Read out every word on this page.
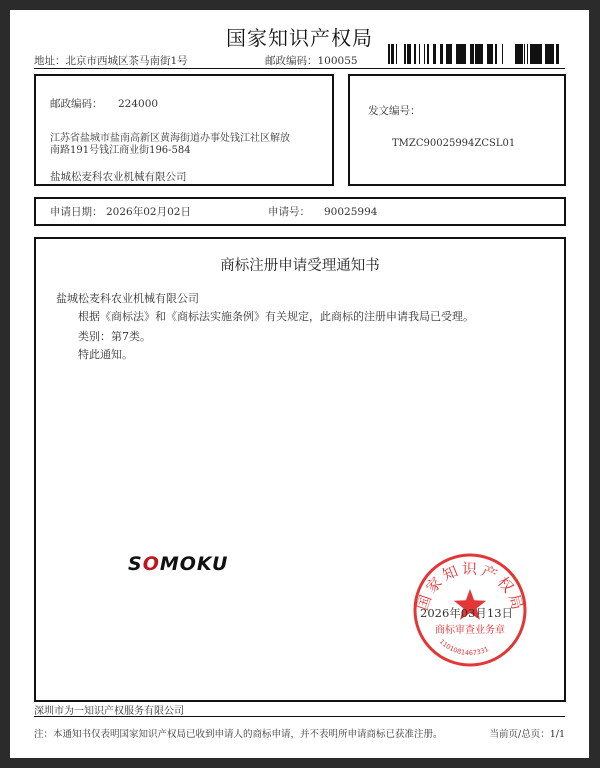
国家知识产权局
地址：北京市西城区茶马南街1号	邮政编码：100055
邮政编码： 224000
江苏省盐城市盐南高新区黄海街道办事处钱江社区解放
南路191号钱江商业街196-584
盐城松麦科农业机械有限公司
发文编号：
TMZC90025994ZCSL01
申请日期： 2026年02月02日	申请号： 90025994
商标注册申请受理通知书
盐城松麦科农业机械有限公司
根据《商标法》和《商标法实施条例》有关规定，此商标的注册申请我局已受理。
类别：第7类。
特此通知。
SOMOKU
国家知识产权局
商标审查业务章
1101081467331
2026年03月13日
深圳市为一知识产权服务有限公司
注：本通知书仅表明国家知识产权局已收到申请人的商标申请，并不表明所申请商标已获准注册。	当前页/总页：1/1
